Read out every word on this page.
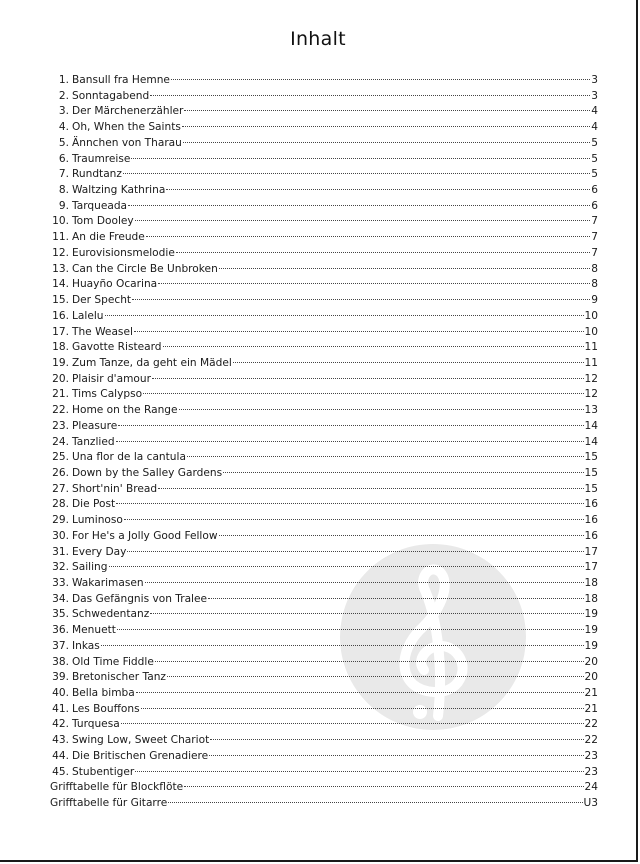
Inhalt
1. Bansull fra Hemne	3
2. Sonntagabend	3
3. Der Märchenerzähler	4
4. Oh, When the Saints	4
5. Ännchen von Tharau	5
6. Traumreise	5
7. Rundtanz	5
8. Waltzing Kathrina	6
9. Tarqueada	6
10. Tom Dooley	7
11. An die Freude	7
12. Eurovisionsmelodie	7
13. Can the Circle Be Unbroken	8
14. Huayño Ocarina	8
15. Der Specht	9
16. Lalelu	10
17. The Weasel	10
18. Gavotte Risteard	11
19. Zum Tanze, da geht ein Mädel	11
20. Plaisir d'amour	12
21. Tims Calypso	12
22. Home on the Range	13
23. Pleasure	14
24. Tanzlied	14
25. Una flor de la cantula	15
26. Down by the Salley Gardens	15
27. Short'nin' Bread	15
28. Die Post	16
29. Luminoso	16
30. For He's a Jolly Good Fellow	16
31. Every Day	17
32. Sailing	17
33. Wakarimasen	18
34. Das Gefängnis von Tralee	18
35. Schwedentanz	19
36. Menuett	19
37. Inkas	19
38. Old Time Fiddle	20
39. Bretonischer Tanz	20
40. Bella bimba	21
41. Les Bouffons	21
42. Turquesa	22
43. Swing Low, Sweet Chariot	22
44. Die Britischen Grenadiere	23
45. Stubentiger	23
Grifftabelle für Blockflöte	24
Grifftabelle für Gitarre	U3
